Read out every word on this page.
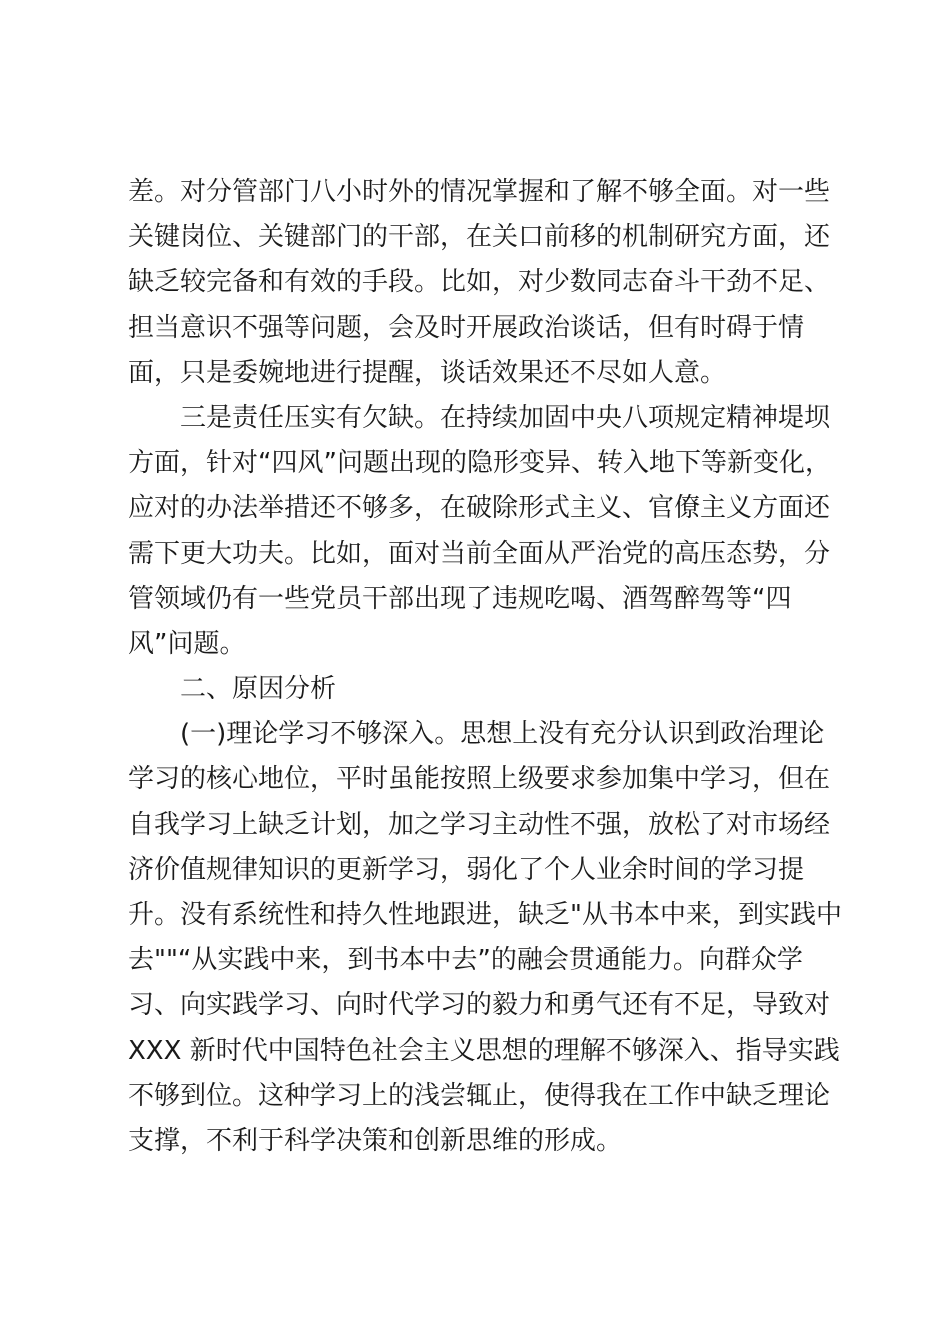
差。对分管部门八小时外的情况掌握和了解不够全面。对一些
关键岗位、关键部门的干部，在关口前移的机制研究方面，还
缺乏较完备和有效的手段。比如，对少数同志奋斗干劲不足、
担当意识不强等问题，会及时开展政治谈话，但有时碍于情
面，只是委婉地进行提醒，谈话效果还不尽如人意。
三是责任压实有欠缺。在持续加固中央八项规定精神堤坝
方面，针对“四风”问题出现的隐形变异、转入地下等新变化，
应对的办法举措还不够多，在破除形式主义、官僚主义方面还
需下更大功夫。比如，面对当前全面从严治党的高压态势，分
管领域仍有一些党员干部出现了违规吃喝、酒驾醉驾等“四
风”问题。
二、原因分析
(一)理论学习不够深入。思想上没有充分认识到政治理论
学习的核心地位，平时虽能按照上级要求参加集中学习，但在
自我学习上缺乏计划，加之学习主动性不强，放松了对市场经
济价值规律知识的更新学习，弱化了个人业余时间的学习提
升。没有系统性和持久性地跟进，缺乏"从书本中来，到实践中
去""“从实践中来，到书本中去”的融会贯通能力。向群众学
习、向实践学习、向时代学习的毅力和勇气还有不足，导致对
XXX 新时代中国特色社会主义思想的理解不够深入、指导实践
不够到位。这种学习上的浅尝辄止，使得我在工作中缺乏理论
支撑，不利于科学决策和创新思维的形成。
